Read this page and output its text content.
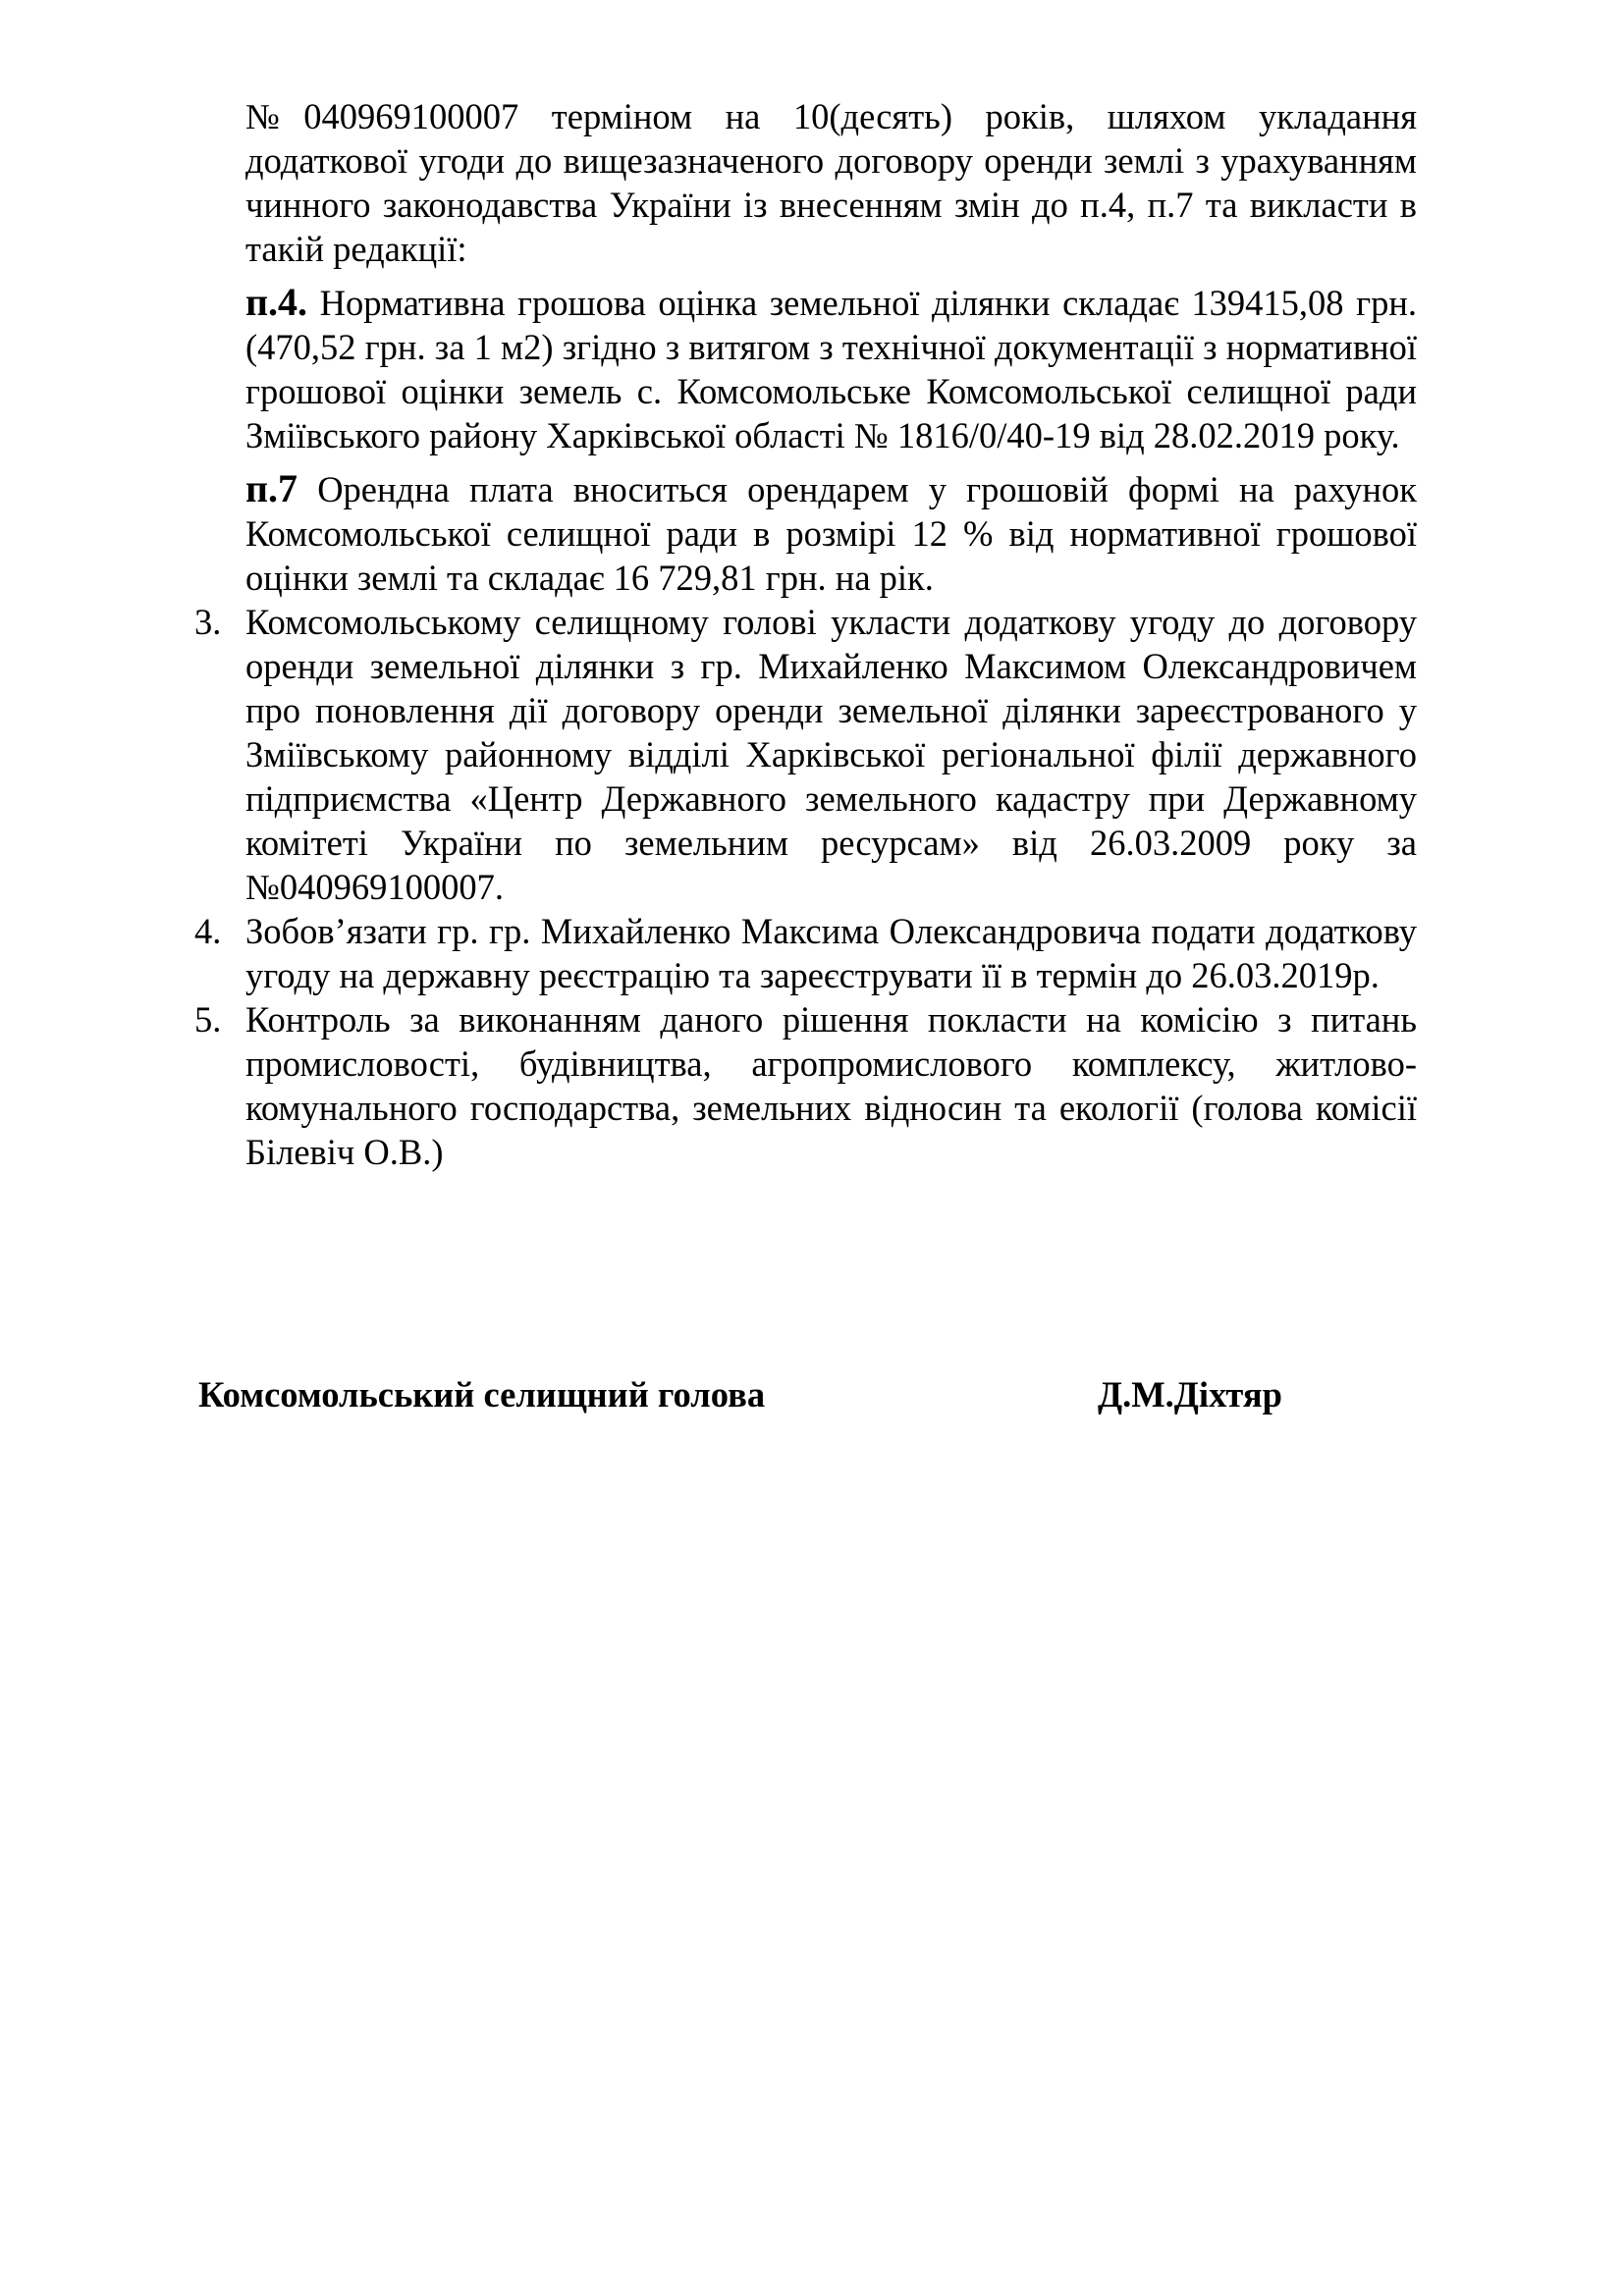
№040969100007 терміном на 10(десять) років, шляхом укладання додаткової угоди до вищезазначеного договору оренди землі з урахуванням чинного законодавства України із внесенням змін до п.4, п.7 та викласти в такій редакції:

п.4. Нормативна грошова оцінка земельної ділянки складає 139415,08 грн. (470,52 грн. за 1 м2) згідно з витягом з технічної документації з нормативної грошової оцінки земель с. Комсомольське Комсомольської селищної ради Зміївського району Харківської області № 1816/0/40-19 від 28.02.2019 року.

п.7 Орендна плата вноситься орендарем у грошовій формі на рахунок Комсомольської селищної ради в розмірі 12 % від нормативної грошової оцінки землі та складає 16 729,81 грн. на рік.

3. Комсомольському селищному голові укласти додаткову угоду до договору оренди земельної ділянки з гр. Михайленко Максимом Олександровичем про поновлення дії договору оренди земельної ділянки зареєстрованого у Зміївському районному відділі Харківської регіональної філії державного підприємства «Центр Державного земельного кадастру при Державному комітеті України по земельним ресурсам» від 26.03.2009 року за №040969100007.
4. Зобов’язати гр. гр. Михайленко Максима Олександровича подати додаткову угоду на державну реєстрацію та зареєструвати її в термін до 26.03.2019р.
5. Контроль за виконанням даного рішення покласти на комісію з питань промисловості, будівництва, агропромислового комплексу, житлово-комунального господарства, земельних відносин та екології (голова комісії Білевіч О.В.)
Комсомольський селищний голова	Д.М.Діхтяр
